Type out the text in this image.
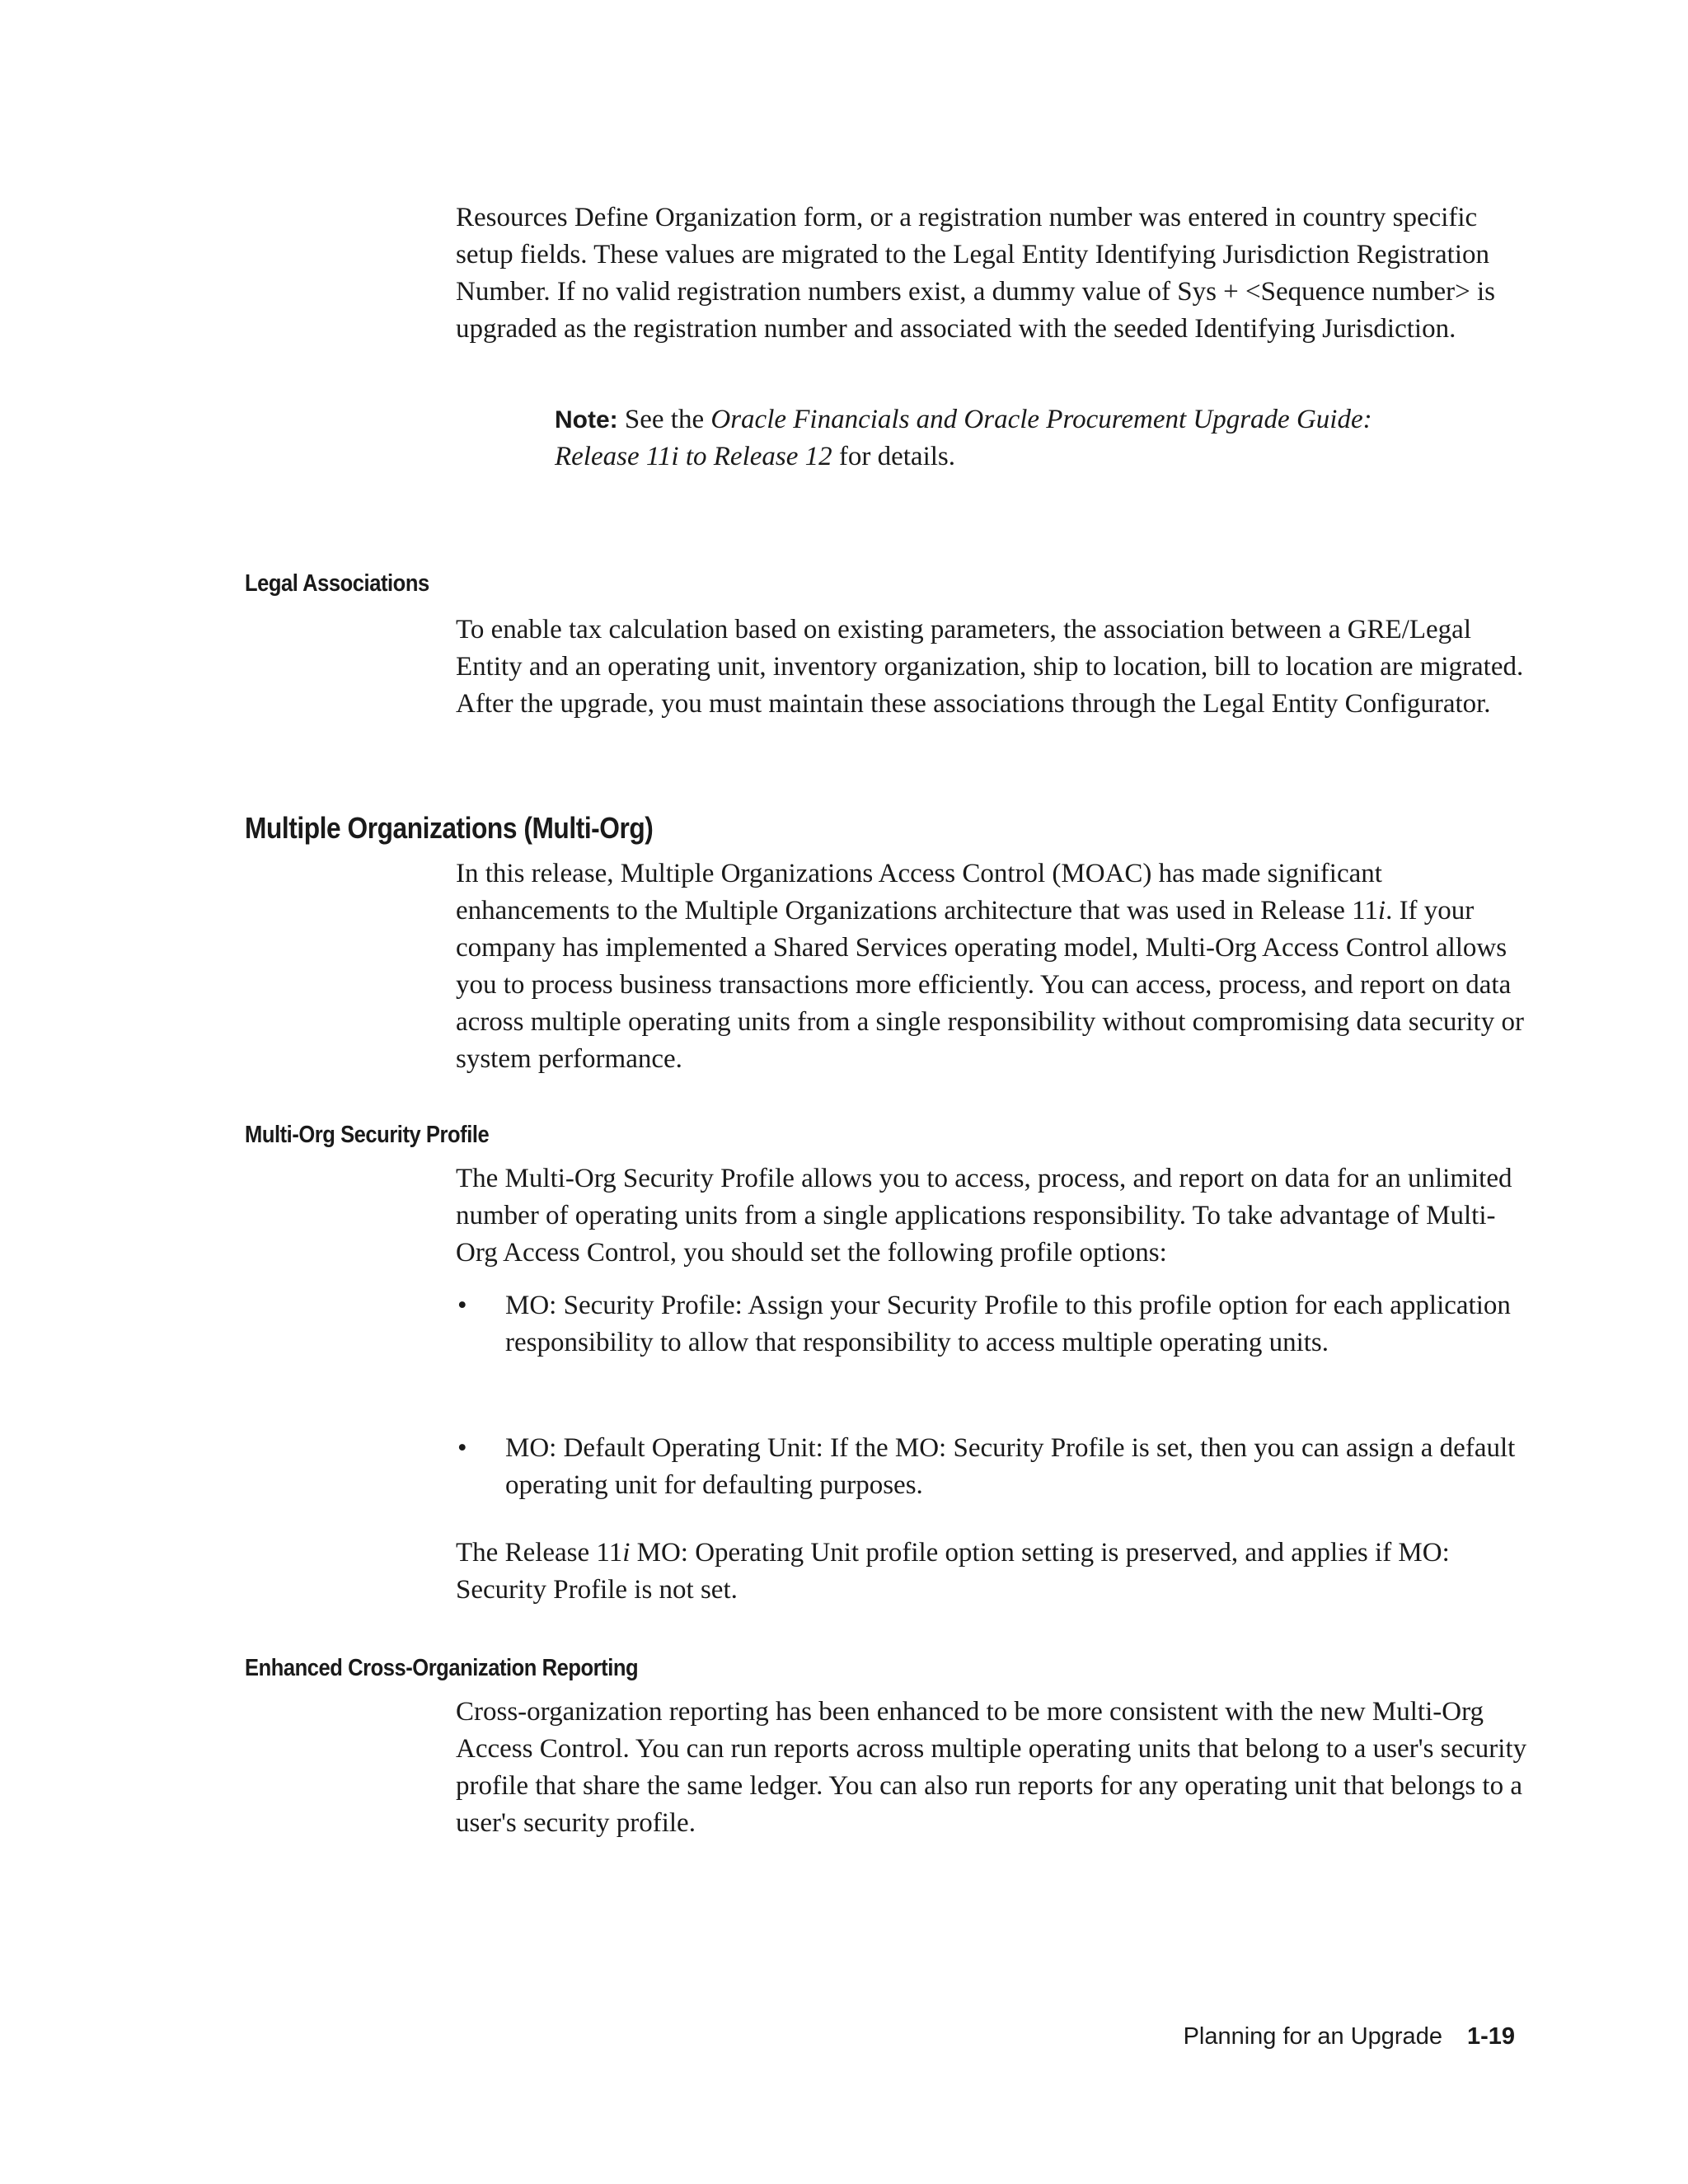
Resources Define Organization form, or a registration number was entered in country specific setup fields. These values are migrated to the Legal Entity Identifying Jurisdiction Registration Number. If no valid registration numbers exist, a dummy value of Sys + <Sequence number> is upgraded as the registration number and associated with the seeded Identifying Jurisdiction.

Note: See the Oracle Financials and Oracle Procurement Upgrade Guide: Release 11i to Release 12 for details.
Legal Associations

To enable tax calculation based on existing parameters, the association between a GRE/Legal Entity and an operating unit, inventory organization, ship to location, bill to location are migrated. After the upgrade, you must maintain these associations through the Legal Entity Configurator.

Multiple Organizations (Multi-Org)

In this release, Multiple Organizations Access Control (MOAC) has made significant enhancements to the Multiple Organizations architecture that was used in Release 11i. If your company has implemented a Shared Services operating model, Multi-Org Access Control allows you to process business transactions more efficiently. You can access, process, and report on data across multiple operating units from a single responsibility without compromising data security or system performance.

Multi-Org Security Profile

The Multi-Org Security Profile allows you to access, process, and report on data for an unlimited number of operating units from a single applications responsibility. To take advantage of Multi-Org Access Control, you should set the following profile options:

• MO: Security Profile: Assign your Security Profile to this profile option for each application responsibility to allow that responsibility to access multiple operating units.
• MO: Default Operating Unit: If the MO: Security Profile is set, then you can assign a default operating unit for defaulting purposes.

The Release 11i MO: Operating Unit profile option setting is preserved, and applies if MO: Security Profile is not set.

Enhanced Cross-Organization Reporting

Cross-organization reporting has been enhanced to be more consistent with the new Multi-Org Access Control. You can run reports across multiple operating units that belong to a user's security profile that share the same ledger. You can also run reports for any operating unit that belongs to a user's security profile.

Planning for an Upgrade 1-19
